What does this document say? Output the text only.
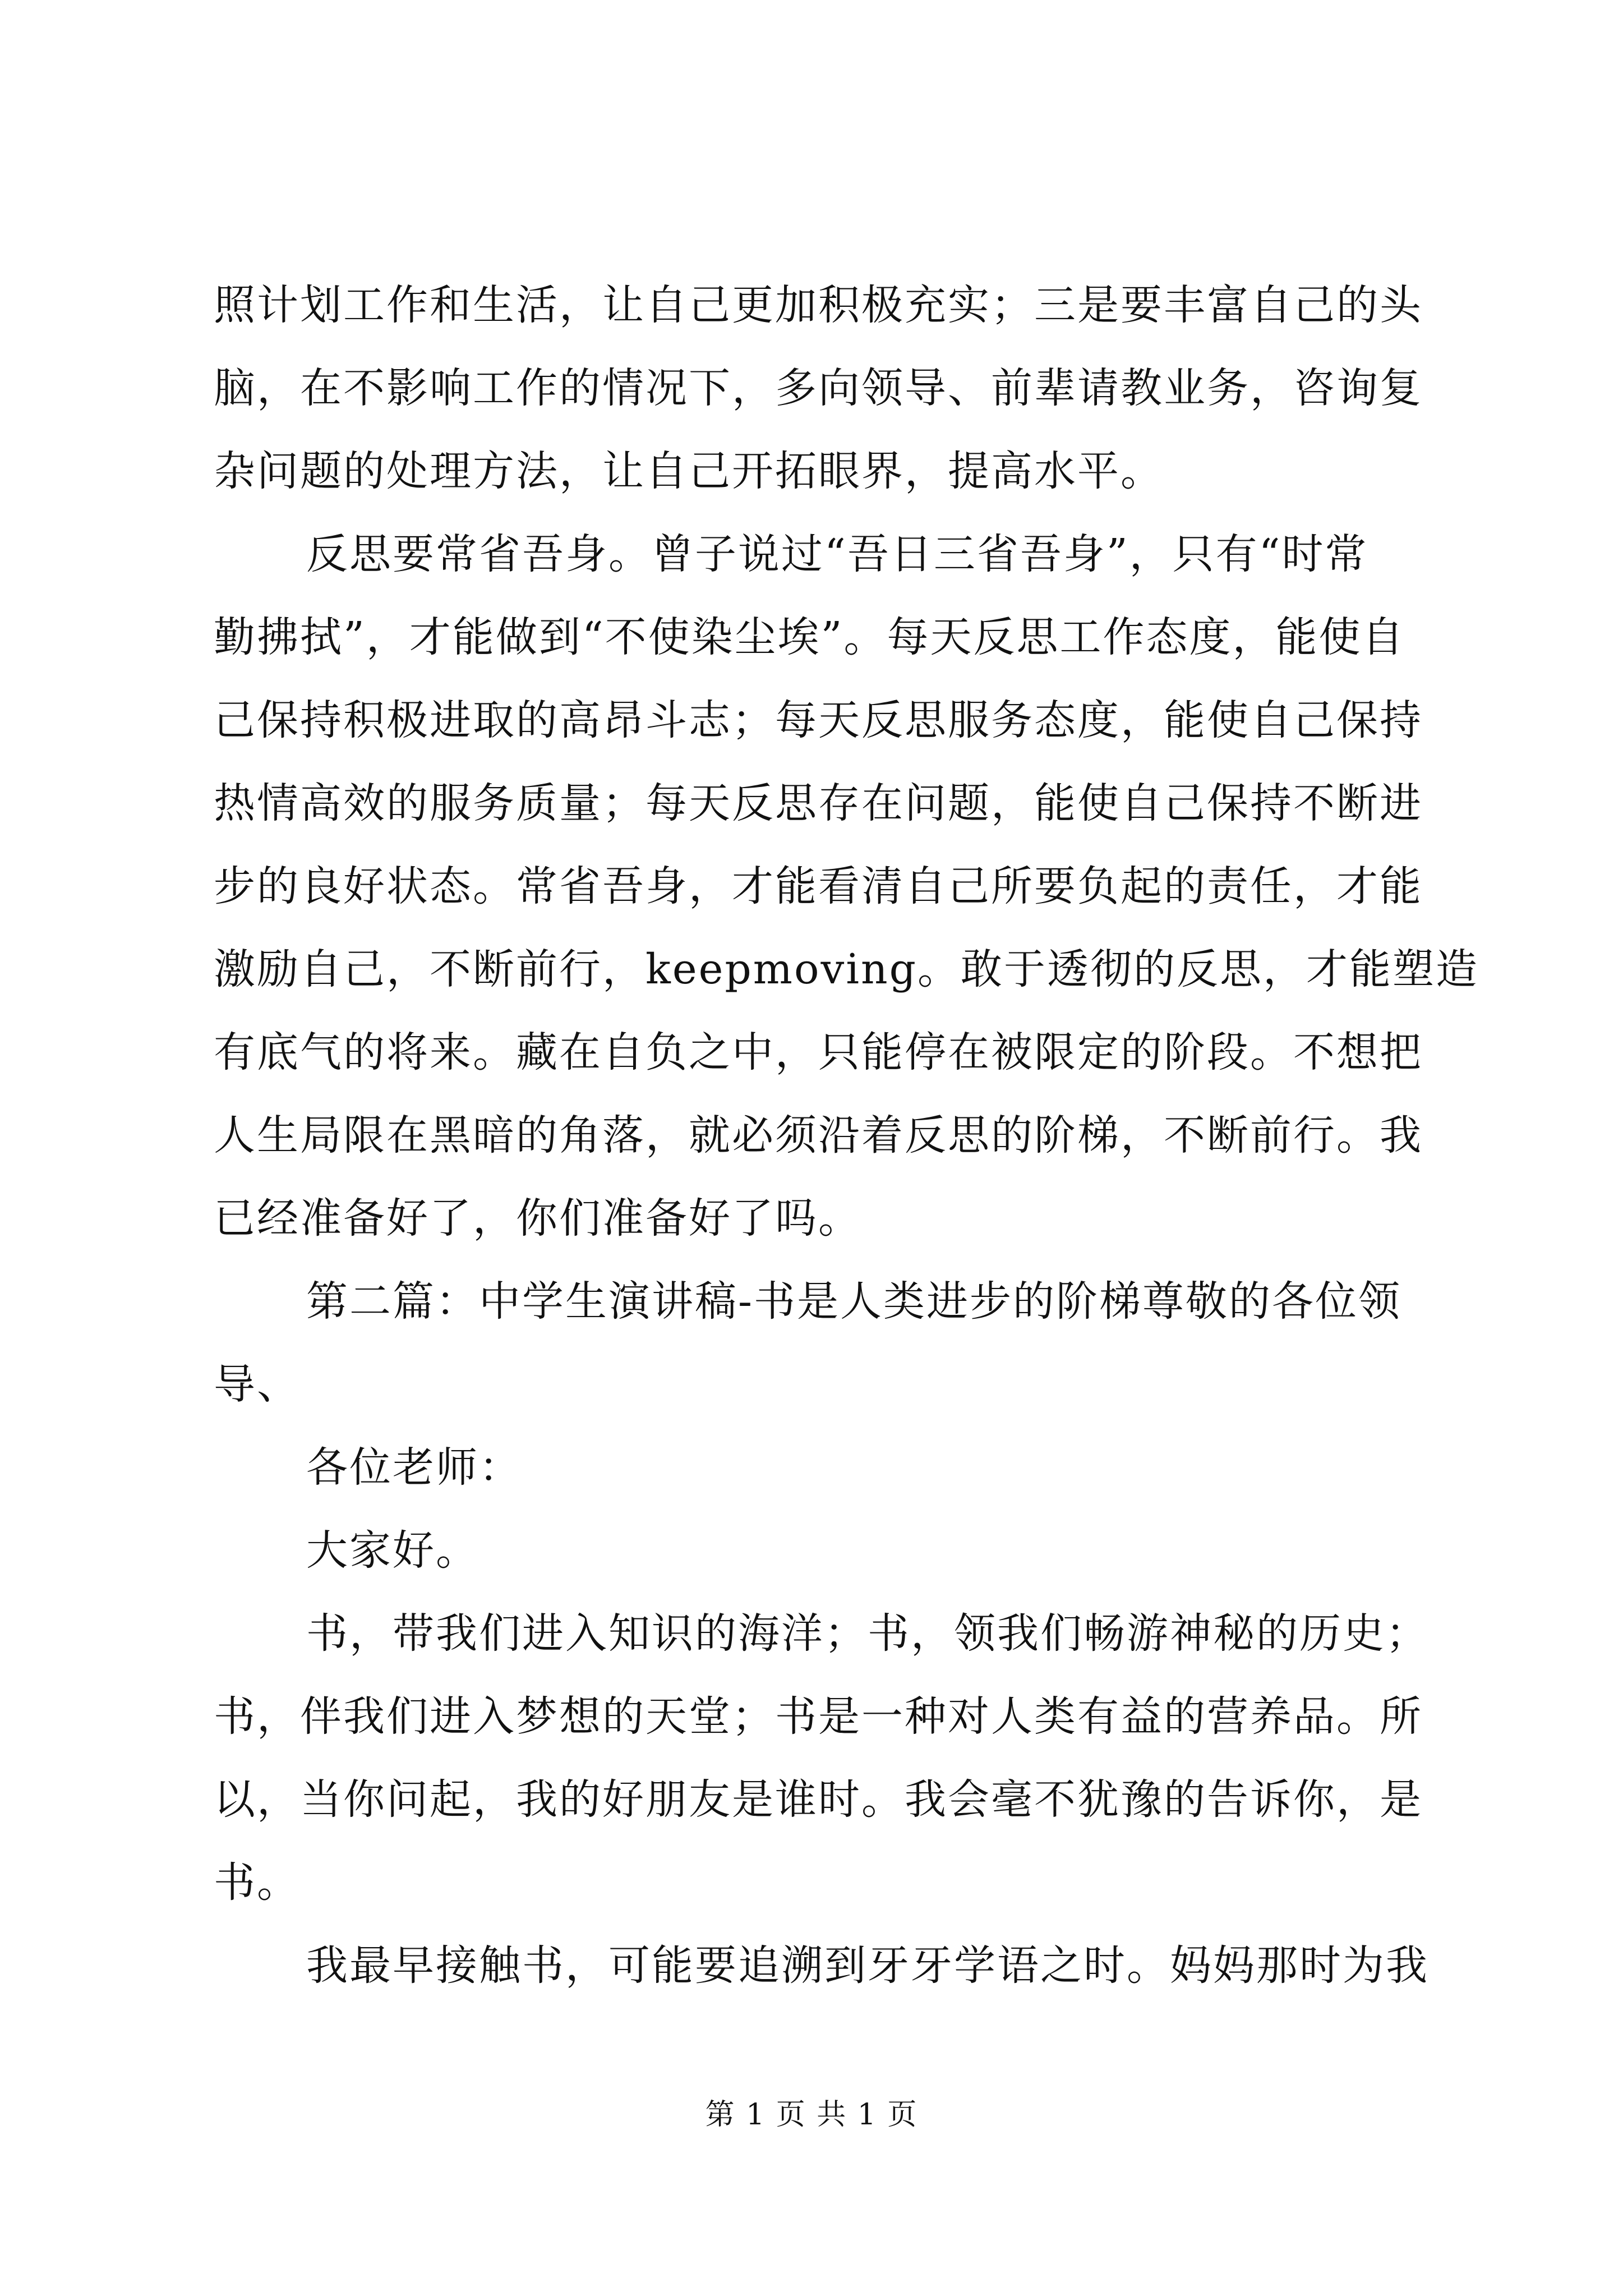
照计划工作和生活，让自己更加积极充实；三是要丰富自己的头
脑，在不影响工作的情况下，多向领导、前辈请教业务，咨询复
杂问题的处理方法，让自己开拓眼界，提高水平。
反思要常省吾身。曾子说过“吾日三省吾身”，只有“时常
勤拂拭”，才能做到“不使染尘埃”。每天反思工作态度，能使自
己保持积极进取的高昂斗志；每天反思服务态度，能使自己保持
热情高效的服务质量；每天反思存在问题，能使自己保持不断进
步的良好状态。常省吾身，才能看清自己所要负起的责任，才能
激励自己，不断前行，keepmoving。敢于透彻的反思，才能塑造
有底气的将来。藏在自负之中，只能停在被限定的阶段。不想把
人生局限在黑暗的角落，就必须沿着反思的阶梯，不断前行。我
已经准备好了，你们准备好了吗。
第二篇：中学生演讲稿-书是人类进步的阶梯尊敬的各位领
导、
各位老师：
大家好。
书，带我们进入知识的海洋；书，领我们畅游神秘的历史；
书，伴我们进入梦想的天堂；书是一种对人类有益的营养品。所
以，当你问起，我的好朋友是谁时。我会毫不犹豫的告诉你，是
书。
我最早接触书，可能要追溯到牙牙学语之时。妈妈那时为我
第 1 页 共 1 页
